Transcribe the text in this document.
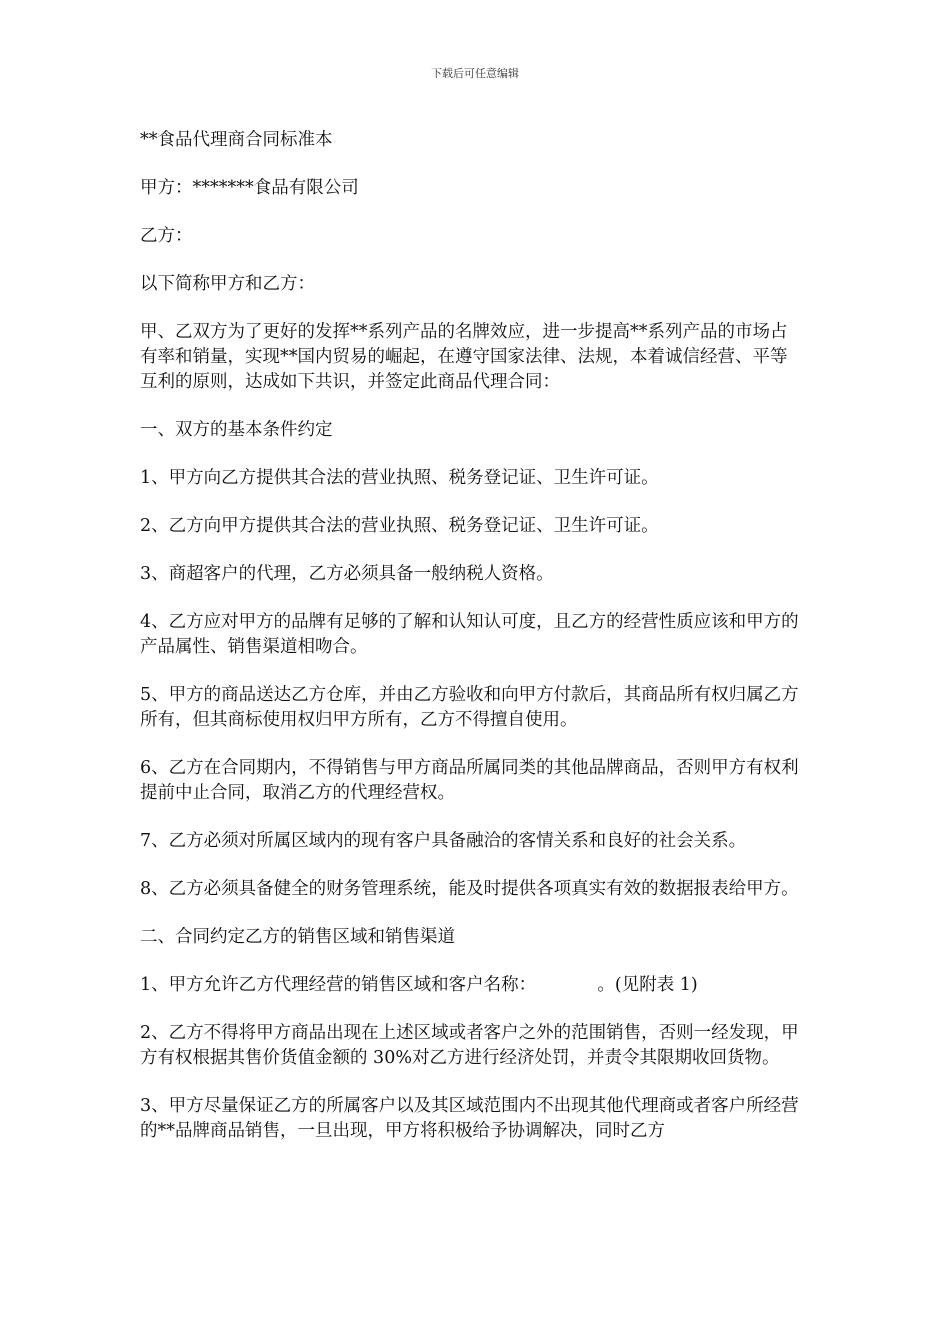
下载后可任意编辑

**食品代理商合同标准本

甲方：*******食品有限公司

乙方：

以下简称甲方和乙方：

甲、乙双方为了更好的发挥**系列产品的名牌效应，进一步提高**系列产品的市场占有率和销量，实现**国内贸易的崛起，在遵守国家法律、法规，本着诚信经营、平等互利的原则，达成如下共识，并签定此商品代理合同：

一、双方的基本条件约定

1、甲方向乙方提供其合法的营业执照、税务登记证、卫生许可证。

2、乙方向甲方提供其合法的营业执照、税务登记证、卫生许可证。

3、商超客户的代理，乙方必须具备一般纳税人资格。

4、乙方应对甲方的品牌有足够的了解和认知认可度，且乙方的经营性质应该和甲方的产品属性、销售渠道相吻合。

5、甲方的商品送达乙方仓库，并由乙方验收和向甲方付款后，其商品所有权归属乙方所有，但其商标使用权归甲方所有，乙方不得擅自使用。

6、乙方在合同期内，不得销售与甲方商品所属同类的其他品牌商品，否则甲方有权利提前中止合同，取消乙方的代理经营权。

7、乙方必须对所属区域内的现有客户具备融洽的客情关系和良好的社会关系。

8、乙方必须具备健全的财务管理系统，能及时提供各项真实有效的数据报表给甲方。

二、合同约定乙方的销售区域和销售渠道

1、甲方允许乙方代理经营的销售区域和客户名称：　　　　。(见附表 1)

2、乙方不得将甲方商品出现在上述区域或者客户之外的范围销售，否则一经发现，甲方有权根据其售价货值金额的 30%对乙方进行经济处罚，并责令其限期收回货物。

3、甲方尽量保证乙方的所属客户以及其区域范围内不出现其他代理商或者客户所经营的**品牌商品销售，一旦出现，甲方将积极给予协调解决，同时乙方
